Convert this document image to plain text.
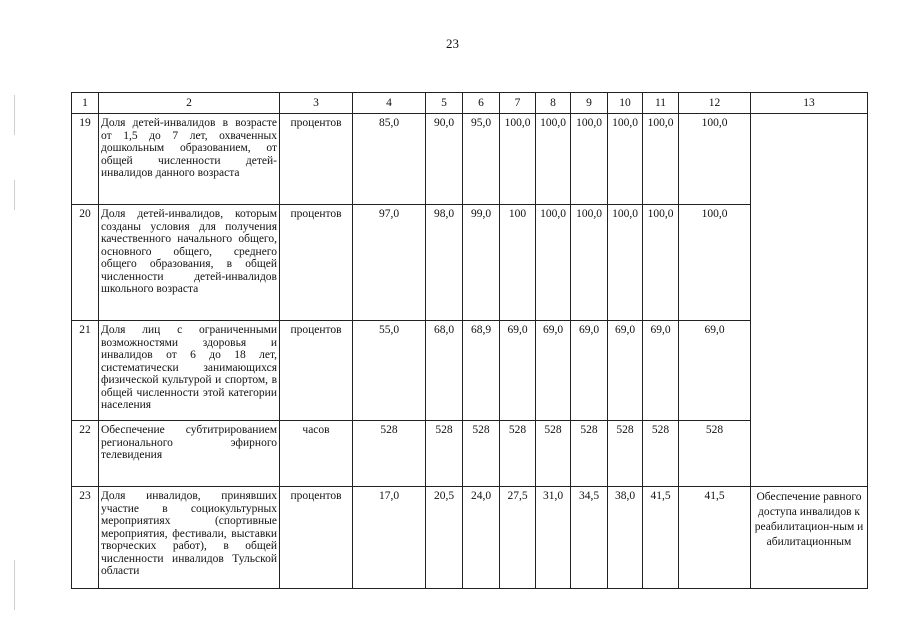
23
1	2	3	4	5	6	7	8	9	10	11	12	13
19	Доля детей-инвалидов в возрасте от 1,5 до 7 лет, охваченных дошкольным образованием, от общей численности детей-инвалидов данного возраста	процентов	85,0	90,0	95,0	100,0	100,0	100,0	100,0	100,0	100,0	
20	Доля детей-инвалидов, которым созданы условия для получения качественного начального общего, основного общего, среднего общего образования, в общей численности детей-инвалидов школьного возраста	процентов	97,0	98,0	99,0	100	100,0	100,0	100,0	100,0	100,0	
21	Доля лиц с ограниченными возможностями здоровья и инвалидов от 6 до 18 лет, систематически занимающихся физической культурой и спортом, в общей численности этой категории населения	процентов	55,0	68,0	68,9	69,0	69,0	69,0	69,0	69,0	69,0	
22	Обеспечение субтитрированием регионального эфирного телевидения	часов	528	528	528	528	528	528	528	528	528	
23	Доля инвалидов, принявших участие в социокультурных мероприятиях (спортивные мероприятия, фестивали, выставки творческих работ), в общей численности инвалидов Тульской области	процентов	17,0	20,5	24,0	27,5	31,0	34,5	38,0	41,5	41,5	Обеспечение равного доступа инвалидов к реабилитацион-ным и абилитационным
